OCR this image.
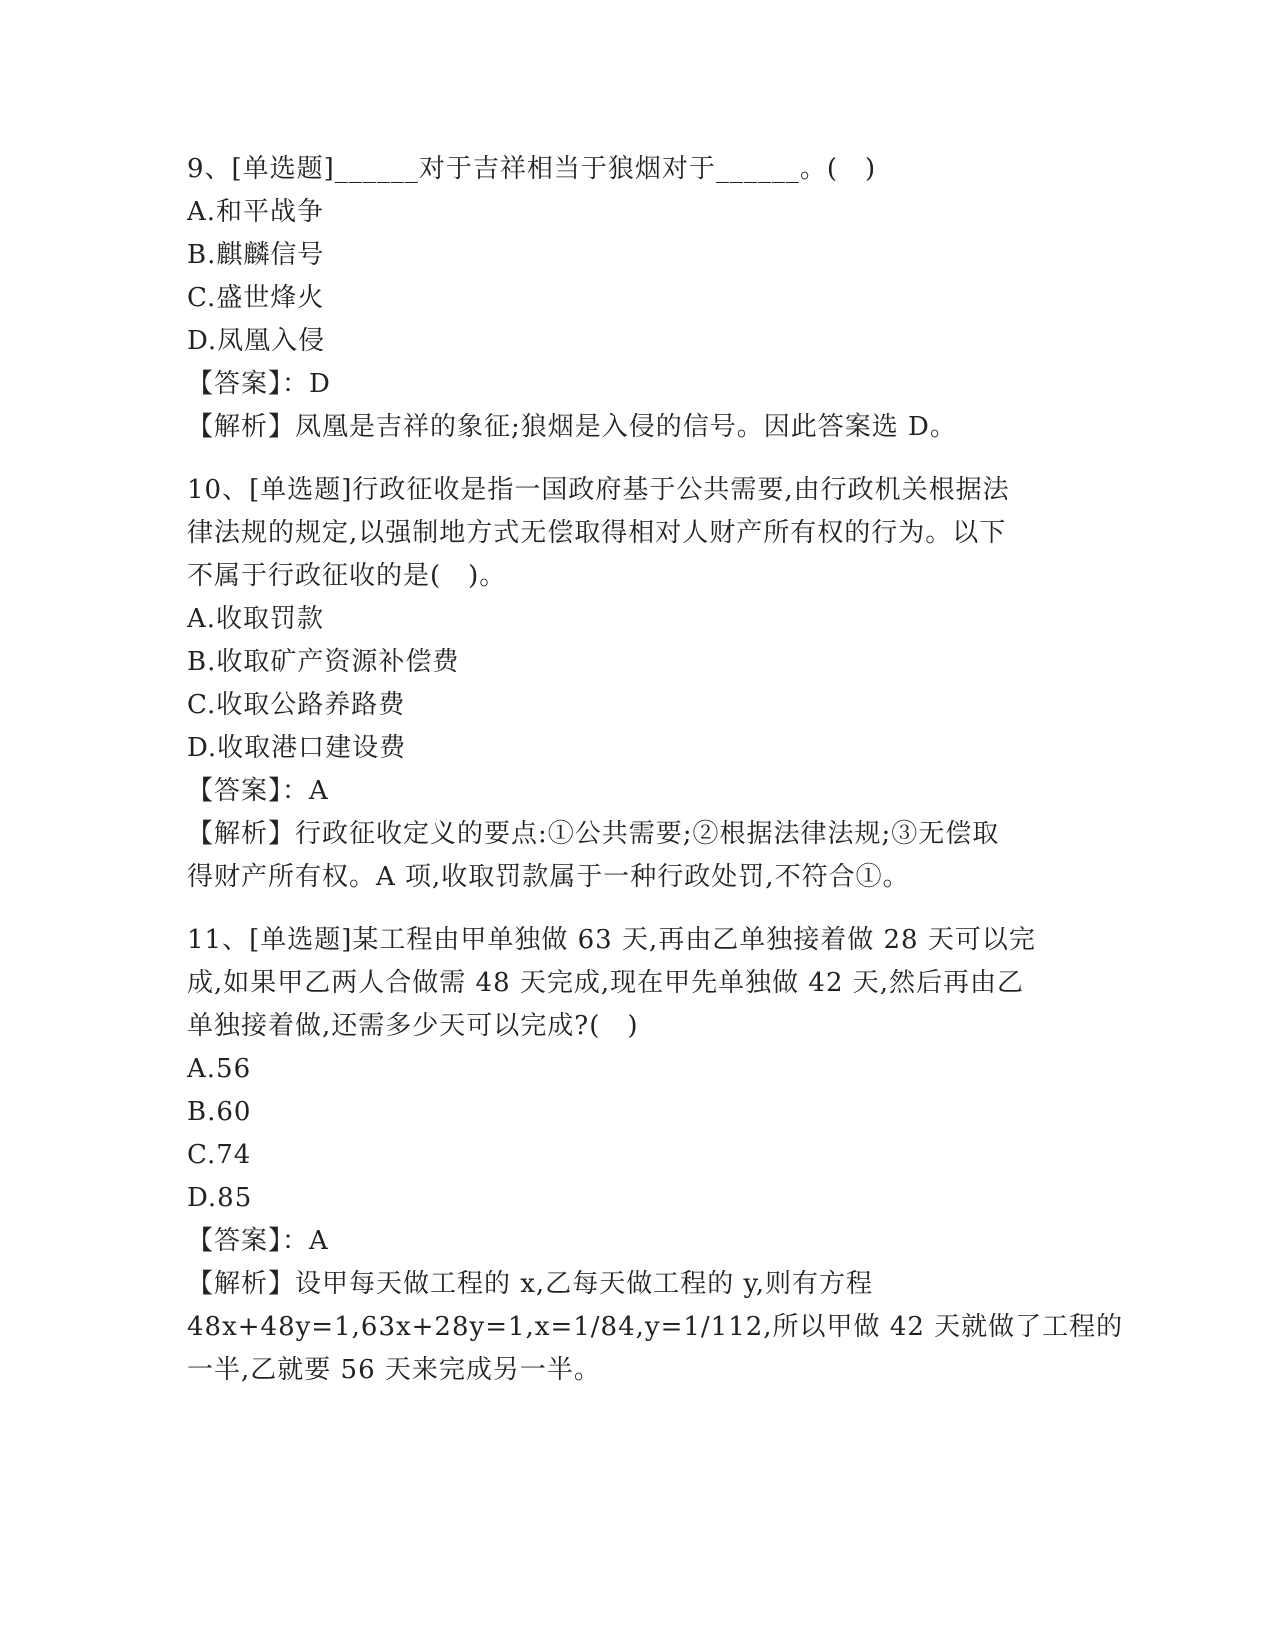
9、[单选题]______对于吉祥相当于狼烟对于______。(　)
A.和平战争
B.麒麟信号
C.盛世烽火
D.凤凰入侵
【答案】：D
【解析】凤凰是吉祥的象征;狼烟是入侵的信号。因此答案选 D。
10、[单选题]行政征收是指一国政府基于公共需要,由行政机关根据法
律法规的规定,以强制地方式无偿取得相对人财产所有权的行为。以下
不属于行政征收的是(　)。
A.收取罚款
B.收取矿产资源补偿费
C.收取公路养路费
D.收取港口建设费
【答案】：A
【解析】行政征收定义的要点:①公共需要;②根据法律法规;③无偿取
得财产所有权。A 项,收取罚款属于一种行政处罚,不符合①。
11、[单选题]某工程由甲单独做 63 天,再由乙单独接着做 28 天可以完
成,如果甲乙两人合做需 48 天完成,现在甲先单独做 42 天,然后再由乙
单独接着做,还需多少天可以完成?(　)
A.56
B.60
C.74
D.85
【答案】：A
【解析】设甲每天做工程的 x,乙每天做工程的 y,则有方程
48x+48y=1,63x+28y=1,x=1/84,y=1/112,所以甲做 42 天就做了工程的
一半,乙就要 56 天来完成另一半。
